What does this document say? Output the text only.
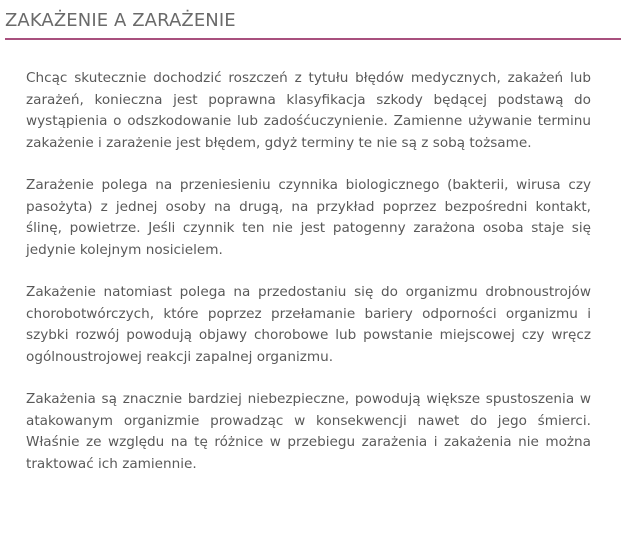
ZAKAŻENIE A ZARAŻENIE

Chcąc skutecznie dochodzić roszczeń z tytułu błędów medycznych, zakażeń lub zarażeń, konieczna jest poprawna klasyfikacja szkody będącej podstawą do wystąpienia o odszkodowanie lub zadośćuczynienie. Zamienne używanie terminu zakażenie i zarażenie jest błędem, gdyż terminy te nie są z sobą tożsame.

Zarażenie polega na przeniesieniu czynnika biologicznego (bakterii, wirusa czy pasożyta) z jednej osoby na drugą, na przykład poprzez bezpośredni kontakt, ślinę, powietrze. Jeśli czynnik ten nie jest patogenny zarażona osoba staje się jedynie kolejnym nosicielem.

Zakażenie natomiast polega na przedostaniu się do organizmu drobnoustrojów chorobotwórczych, które poprzez przełamanie bariery odporności organizmu i szybki rozwój powodują objawy chorobowe lub powstanie miejscowej czy wręcz ogólnoustrojowej reakcji zapalnej organizmu.

Zakażenia są znacznie bardziej niebezpieczne, powodują większe spustoszenia w atakowanym organizmie prowadząc w konsekwencji nawet do jego śmierci. Właśnie ze względu na tę różnice w przebiegu zarażenia i zakażenia nie można traktować ich zamiennie.
